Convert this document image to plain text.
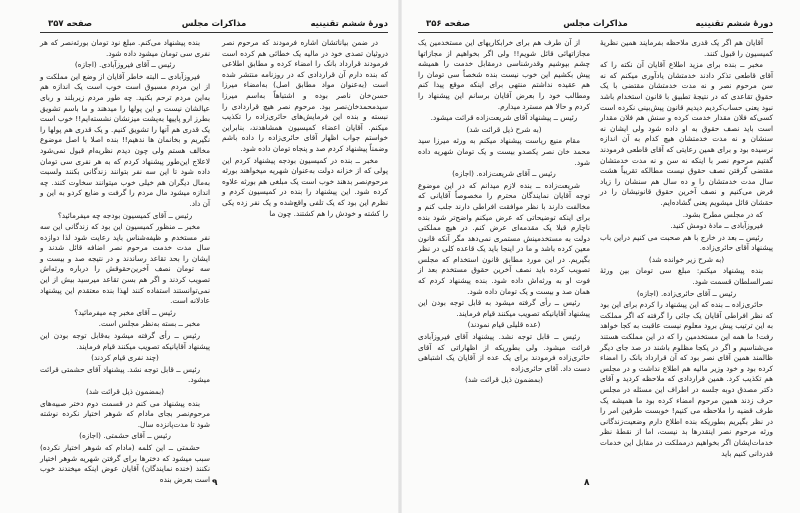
دورهٔ ششم تقنینیه
مذاکرات مجلس
صفحه ۳۵۷

در ضمن بیاناتشان اشاره فرمودند که مرحوم نصر دروثیان تصدی خود در مالیه یک خطائی هم کرده است فرمودند قرارداد بانک را امضاء کرده و مطابق اطلاعی که بنده دارم آن قراردادی که در روزنامه منتشر شده است (به‌عنوان مواد مطابق اصل) به‌امضاء میرزا حسن‌خان ناصر بوده و اشتباهاً به‌اسم میرزا سیدمحمدخان‌نصر بود. مرحوم نصر هیچ قراردادی را نبسته و بنده این فرمایش‌های حائری‌زاده را تکذیب میکنم. آقایان اعضاء کمیسیون همشاهدند، بنابراین خواستم جواب اظهار آقای حائری‌زاده را داده باشم وضمناً پیشنهاد کردم صد و پنجاه تومان داده شود.

مخبر ــ بنده در کمیسیون بودجه پیشنهاد کردم این پولی که از خزانه دولت به‌عنوان شهریه میخواهند بورثه مرحوم‌نصر بدهند خوب است یک مبلغی هم بورثه علاوه کرده شود. این پیشنهاد را بنده در کمیسیون کردم و نظرم این بود که یک تلفی واقع‌شده و یک نفر زده یکی را کشته و خودش را هم کشتند. چون ما

بنده پیشنهاد می‌کنم. مبلغ نود تومان بورثه‌نصر که هر نفری سی تومان میشود داده شود.

رئیس ــ آقای فیروزآبادی. (اجازه)

فیروزآبادی ــ البته خاطر آقایان از وضع این مملکت و از این مردم مسبوق است خوب است یک اندازه هم به‌این مردم ترحم بکنید. چه طور مردم زیربلند و ربای عیالشان نیست و این پولها را میدهند و ما باسم تشویق بطرز ارو پاییها به‌پشت میزنشان نشسته‌ایم!! خوب است یک قدری هم آنها را تشویق کنیم. و یک قدری هم پولها را نگیریم و بخانمان ها ندهیم!! بنده اصلا با اصل موضوع مخالف هستم ولی چون دیدم نظریه‌ام قبول نمی‌شود لاعلاج این‌طور پیشنهاد کردم که به هر نفری سی تومان داده شود تا این سه نفر بتوانند زندگانی بکنند ولسبت به‌مال دیگران هم خیلی خوب میتوانند سخاوت کنند. چه اندازه میشود مال مردم را گرفت و ضایع کردو به این و آن داد.

رئیس ــ آقای کمیسیون بودجه چه میفرمائید؟

مخبر ــ منظور کمیسیون این بود که زندگانی این سه نفر مستخدم و ظیفه‌شناس باید رعایت شود لذا دوازده سال مدت خدمت مرحوم نصر اضافه قائل شدند و ایشان را بحد تقاعد رساندند و در نتیجه صد و بیست و سه تومان نصف آخرین‌حقوقش را درباره ورثه‌اش تصویب کردند و اگر هم بسن تقاعد میرسید بیش از این نمی‌توانستند استفاده کنند لهذا بنده معتقدم این پیشنهاد عادلانه است.

رئیس ــ آقای مخبر چه میفرمائید؟

مخبر ــ بسته به‌نظر مجلس است.

رئیس ــ رأی گرفته میشود به‌قابل توجه بودن این پیشنهاد آقایانیکه تصویب میکنند قیام فرمایند.

(چند نفری قیام کردند)

رئیس ــ قابل توجه نشد. پیشنهاد آقای حشمتی قرائت میشود.

(بمضمون ذیل قرائت شد)

بنده پیشنهاد می کنم در قسمت دوم دختر صبیه‌های مرحوم‌نصر بجای مادام که شوهر اختیار نکرده نوشته شود تا مدت‌پانزده سال.

رئیس ــ آقای حشمتی. (اجازه)

حشمتی ــ این کلمه (مادام که شوهر اختیار نکرده) سبب میشود که دخترها برای گرفتن شهریه شوهر اختیار نکنند (خنده نمایندگان) آقایان عوض اینکه میخندند خوب است بعرض بنده ۹
دورهٔ ششم تقنینیه
مذاکرات مجلس
صفحه ۳۵۶

آقایان هم اگر یک قدری ملاحظه بفرمایند همین نظریهٔ کمیسیون را قبول کنند.

مخبر ــ بنده برای مزید اطلاع آقایان آن نکته را که آقای قاطعی تذکر دادند خدمتشان یادآوری میکنم که نه سن مرحوم نصر و نه مدت خدمتشان مقتضی با یک حقوق تقاعدی که در نتیجهٔ تطبیق با قانون استخدام باشد نبود یعنی حساب‌کردیم دیدیم قانون پیش‌بینی نکرده است کسی‌که فلان مقدار خدمت کرده و سنش هم فلان مقدار است باید نصف حقوق به او داده شود ولی ایشان نه سنشان و نه مدت خدمتشان هیچ کدام به آن اندازه نرسیده بود و برای همین رعایتی که آقای قاطعی فرمودند گفتیم مرحوم نصر با اینکه نه سن و نه مدت خدمتشان مقتضی گرفتن نصف حقوق نیست مطالکه تقریباً هشت سال مدت خدمتشان را و ده سال هم سنشان را زیاد فرض می‌کنیم و نصف آخرین حقوق قانونیشان را در حقشان قائل میشویم یعنی گشاده‌ایم.

که در مجلس مطرح بشود.

فیروزآبادی ــ مادهٔ دومش کنید.

رئیس ــ بعد در خارج با هم صحبت می کنیم دراین باب پیشنهاد آقای حائری‌زاده.

(به شرح زیر خوانده شد)

بنده پیشنهاد میکنم: مبلغ سی تومان بین ورثهٔ نصرالسلطان قسمت شود.

رئیس ــ آقای حائری‌زاده. (اجازه)

حائری‌زاده ــ بنده که این پیشنهاد را کردم برای این بود که نظر افراطی آقایان یک جائی را گرفته که اگر مملکت به این ترتیب پیش برود معلوم نیست عاقبت به کجا خواهد رفت! ما همه این مستخدمین را که در این مملکت هستند می‌شناسیم و اگر در یکجا مظلوم باشند در صد جای دیگر ظالمند همین آقای نصر بود که آن قرارداد بانک را امضاء کرده بود و خود وزیر مالیه هم اطلاع نداشت و در مجلس هم تکذیب کرد. همین قراردادی که ملاحظه کردید و آقای دکتر مصدق دوبه جلسه در اطراف این مسئله در مجلس حرف زدند همین مرحوم امضاء کرده بود ما همیشه یک طرف قضیه را ملاحظه می کنیم! خوبست طرفین امر را در نظر بگیریم بطوریکه بنده اطلاع دارم وضعیت‌زندگانی ورثه مرحوم نصر اینقدرها بد نیست، اما از نقطهٔ نظر خدمات‌ایشان اگر بخواهیم درمملکت در مقابل این خدمات قدردانی کنیم باید

از آن طرف هم برای خرابکاریهای این مستخدمین یک مجازاتهائی قائل شویم!! ولی اگر بخواهیم از مجازاتها چشم بپوشیم وقدرشناسی درمقابل خدمت را همیشه پیش بکشیم این خوب نیست بنده شخصاً سی تومان را هم عقیده نداشتم منتهی برای اینکه موقع پیدا کنم ومطالب خود را بعرض آقایان برسانم این پیشنهاد را کردم و حالا هم مسترد میدارم.

رئیس ــ پیشنهاد آقای شریعت‌زاده قرائت میشود.

(به شرح ذیل قرائت شد)

مقام منیع ریاست پیشنهاد میکنم به ورثه میرزا سید محمد خان نصر یکصدو بیست و یک تومان شهریه داده شود.

رئیس ــ آقای شریعت‌زاده. (اجازه)

شریعت‌زاده ــ بنده لازم میدانم که در این موضوع توجه آقایان نمایندگان محترم را مخصوصاً آقایانی که مخالفت دارند با نظر موافقت افراطی دارند جلب کنم و برای اینکه توضیحاتی که عرض میکنم واضح‌تر شود بنده ناچارم قبلا یک مقدمه‌ای عرض کنم. در هیچ مملکتی دولت به مستخدمینش مستمری نمی‌دهد مگر آنکه قانون معین کرده باشد و ما در اینجا باید یک قاعده کلی در نظر بگیریم. در این مورد مطابق قانون استخدام که مجلس تصویب کرده باید نصف آخرین حقوق مستخدم بعد از فوت او به ورثه‌اش داده شود. بنده پیشنهاد کردم که همان صد و بیست و یک تومان داده شود.

رئیس ــ رأی گرفته میشود به قابل توجه بودن این پیشنهاد آقایانیکه تصویب میکنند قیام فرمایند.

(عده قلیلی قیام نمودند)

رئیس ــ قابل توجه نشد. پیشنهاد آقای فیروزآبادی قرائت میشود. ولی بطوریکه از اظهاراتی که آقای حائری‌زاده فرمودند برای یک عده از آقایان یک اشتباهی دست داد. آقای حائری‌زاده

(بمضمون ذیل قرائت شد)

۸
